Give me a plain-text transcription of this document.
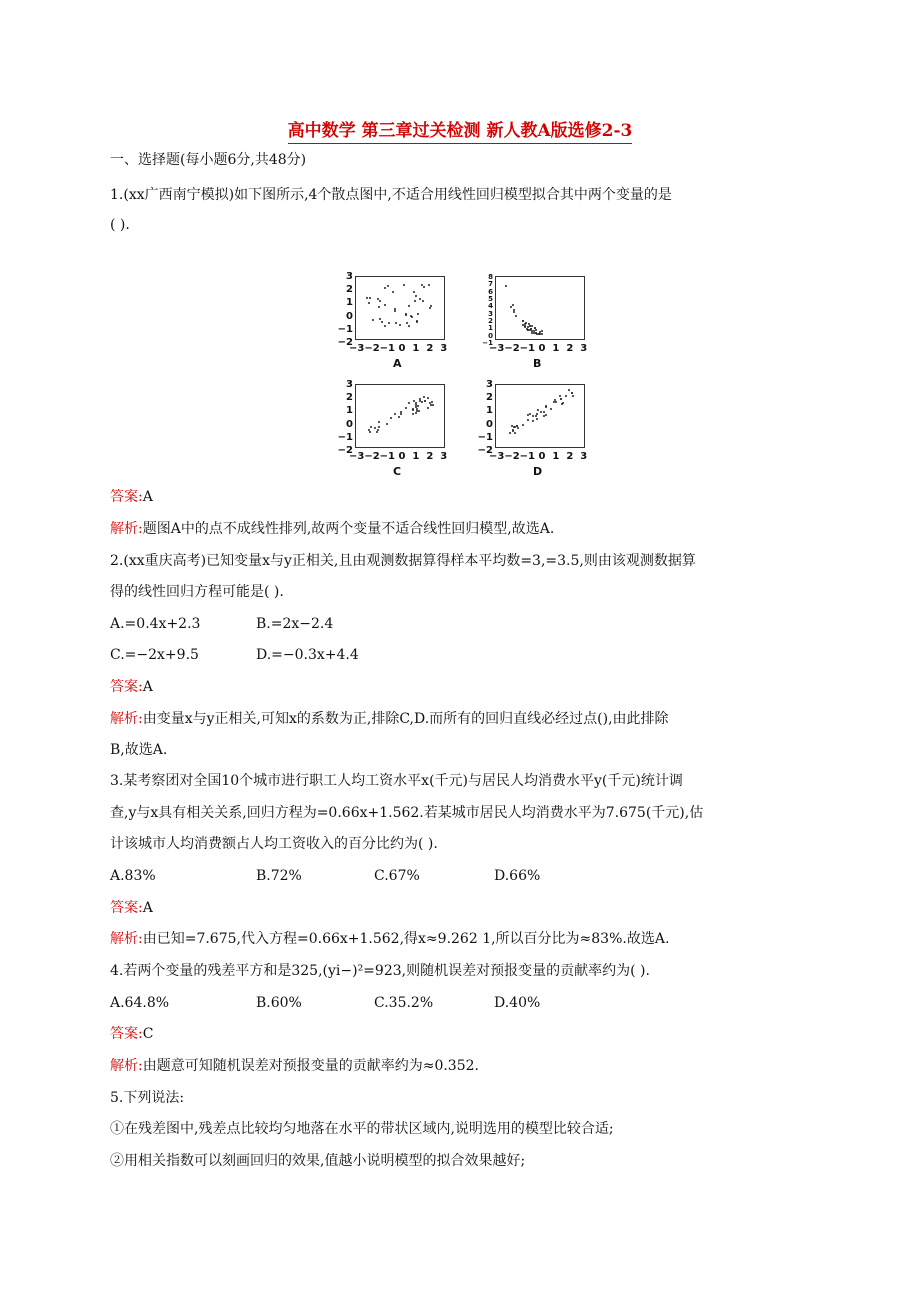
高中数学 第三章过关检测 新人教A版选修2-3
一、选择题(每小题6分,共48分)
1.(xx广西南宁模拟)如下图所示,4个散点图中,不适合用线性回归模型拟合其中两个变量的是
( ).
3
2
1
0
−1
−2
−3−2−1 0  1  2  3
A
8
7
6
5
4
3
2
1
0
−1
−3−2−1 0  1  2  3
B
3
2
1
0
−1
−2
−3−2−1 0  1  2  3
C
3
2
1
0
−1
−2
−3−2−1 0  1  2  3
D
答案:A
解析:题图A中的点不成线性排列,故两个变量不适合线性回归模型,故选A.
2.(xx重庆高考)已知变量x与y正相关,且由观测数据算得样本平均数=3,=3.5,则由该观测数据算
得的线性回归方程可能是( ).
A.=0.4x+2.3	B.=2x−2.4
C.=−2x+9.5	D.=−0.3x+4.4
答案:A
解析:由变量x与y正相关,可知x的系数为正,排除C,D.而所有的回归直线必经过点(),由此排除
B,故选A.
3.某考察团对全国10个城市进行职工人均工资水平x(千元)与居民人均消费水平y(千元)统计调
查,y与x具有相关关系,回归方程为=0.66x+1.562.若某城市居民人均消费水平为7.675(千元),估
计该城市人均消费额占人均工资收入的百分比约为( ).
A.83%	B.72%	C.67%	D.66%
答案:A
解析:由已知=7.675,代入方程=0.66x+1.562,得x≈9.262 1,所以百分比为≈83%.故选A.
4.若两个变量的残差平方和是325,(yi−)²=923,则随机误差对预报变量的贡献率约为( ).
A.64.8%	B.60%	C.35.2%	D.40%
答案:C
解析:由题意可知随机误差对预报变量的贡献率约为≈0.352.
5.下列说法:
①在残差图中,残差点比较均匀地落在水平的带状区域内,说明选用的模型比较合适;
②用相关指数可以刻画回归的效果,值越小说明模型的拟合效果越好;
